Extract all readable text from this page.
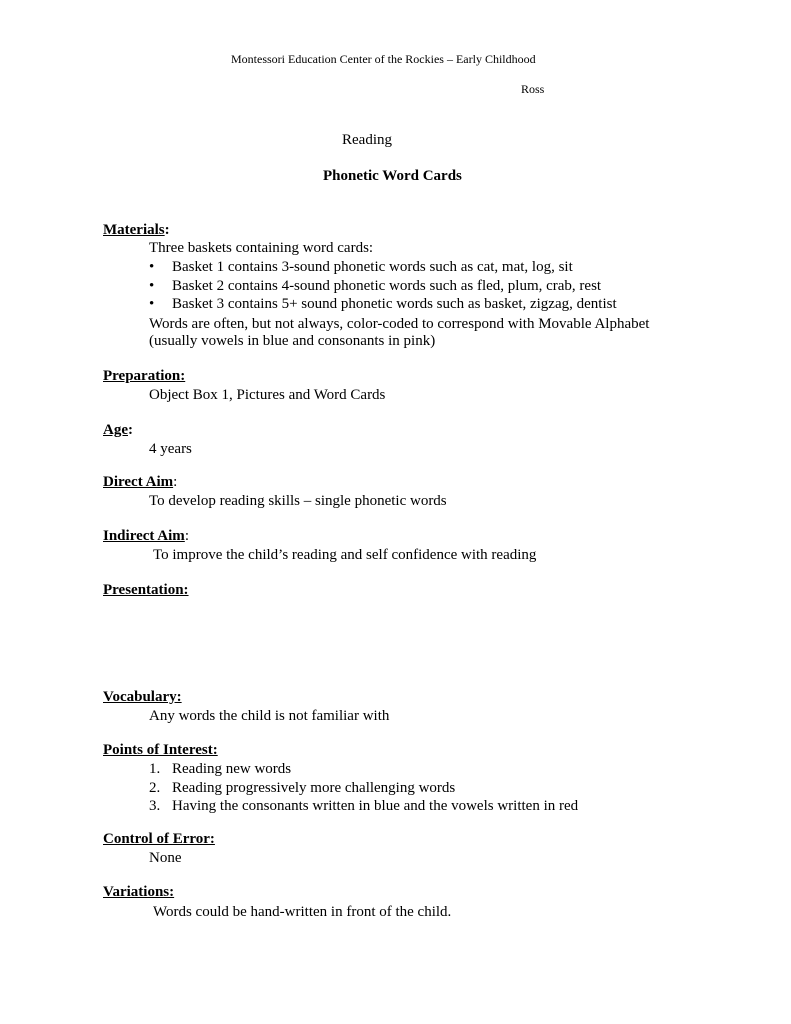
Montessori Education Center of the Rockies – Early Childhood
Ross
Reading
Phonetic Word Cards
Materials:
Three baskets containing word cards:
• Basket 1 contains 3-sound phonetic words such as cat, mat, log, sit
• Basket 2 contains 4-sound phonetic words such as fled, plum, crab, rest
• Basket 3 contains 5+ sound phonetic words such as basket, zigzag, dentist
Words are often, but not always, color-coded to correspond with Movable Alphabet
(usually vowels in blue and consonants in pink)
Preparation:
Object Box 1, Pictures and Word Cards
Age:
4 years
Direct Aim:
To develop reading skills – single phonetic words
Indirect Aim:
To improve the child’s reading and self confidence with reading
Presentation:
Vocabulary:
Any words the child is not familiar with
Points of Interest:
1. Reading new words
2. Reading progressively more challenging words
3. Having the consonants written in blue and the vowels written in red
Control of Error:
None
Variations:
Words could be hand-written in front of the child.
